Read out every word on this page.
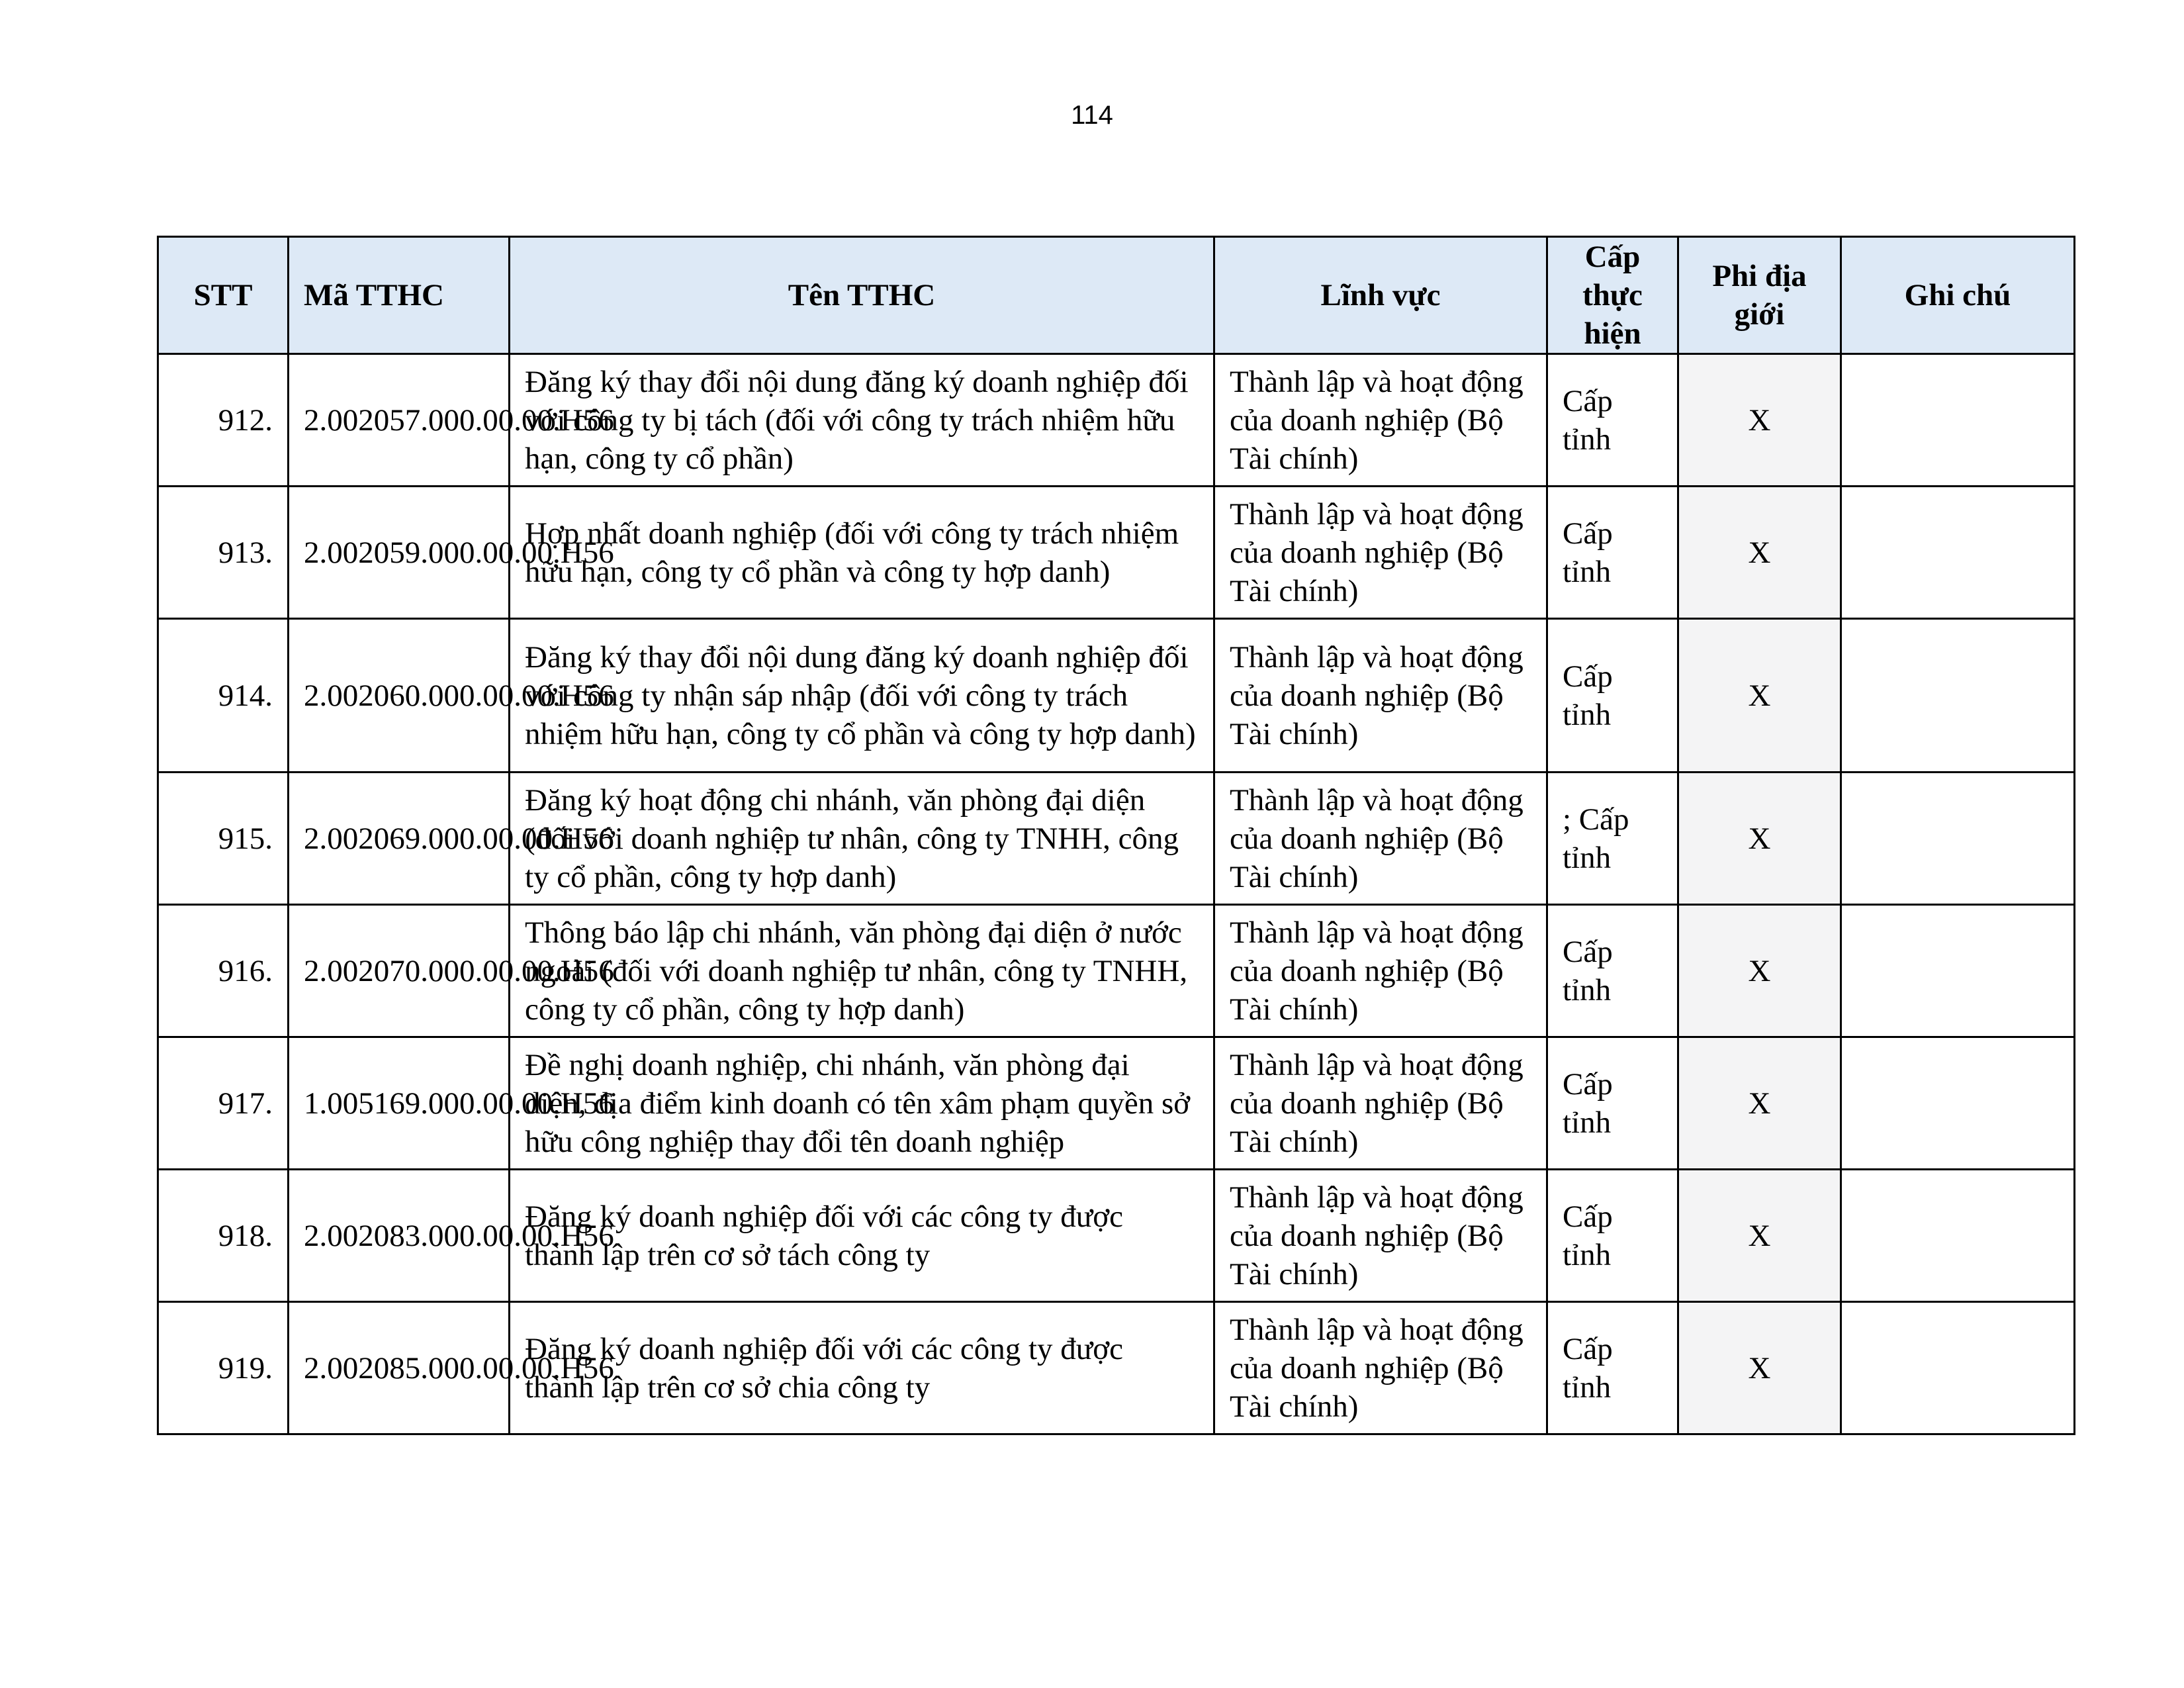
114
STT	Mã TTHC	Tên TTHC	Lĩnh vực	Cấp thực hiện	Phi địa giới	Ghi chú
912.	2.002057.000.00.00.H56	Đăng ký thay đổi nội dung đăng ký doanh nghiệp đối với công ty bị tách (đối với công ty trách nhiệm hữu hạn, công ty cổ phần)	Thành lập và hoạt động của doanh nghiệp (Bộ Tài chính)	Cấp tỉnh	X	
913.	2.002059.000.00.00.H56	Hợp nhất doanh nghiệp (đối với công ty trách nhiệm hữu hạn, công ty cổ phần và công ty hợp danh)	Thành lập và hoạt động của doanh nghiệp (Bộ Tài chính)	Cấp tỉnh	X	
914.	2.002060.000.00.00.H56	Đăng ký thay đổi nội dung đăng ký doanh nghiệp đối với công ty nhận sáp nhập (đối với công ty trách nhiệm hữu hạn, công ty cổ phần và công ty hợp danh)	Thành lập và hoạt động của doanh nghiệp (Bộ Tài chính)	Cấp tỉnh	X	
915.	2.002069.000.00.00.H56	Đăng ký hoạt động chi nhánh, văn phòng đại diện (đối với doanh nghiệp tư nhân, công ty TNHH, công ty cổ phần, công ty hợp danh)	Thành lập và hoạt động của doanh nghiệp (Bộ Tài chính)	; Cấp tỉnh	X	
916.	2.002070.000.00.00.H56	Thông báo lập chi nhánh, văn phòng đại diện ở nước ngoài (đối với doanh nghiệp tư nhân, công ty TNHH, công ty cổ phần, công ty hợp danh)	Thành lập và hoạt động của doanh nghiệp (Bộ Tài chính)	Cấp tỉnh	X	
917.	1.005169.000.00.00.H56	Đề nghị doanh nghiệp, chi nhánh, văn phòng đại diện, địa điểm kinh doanh có tên xâm phạm quyền sở hữu công nghiệp thay đổi tên doanh nghiệp	Thành lập và hoạt động của doanh nghiệp (Bộ Tài chính)	Cấp tỉnh	X	
918.	2.002083.000.00.00.H56	Đăng ký doanh nghiệp đối với các công ty được thành lập trên cơ sở tách công ty	Thành lập và hoạt động của doanh nghiệp (Bộ Tài chính)	Cấp tỉnh	X	
919.	2.002085.000.00.00.H56	Đăng ký doanh nghiệp đối với các công ty được thành lập trên cơ sở chia công ty	Thành lập và hoạt động của doanh nghiệp (Bộ Tài chính)	Cấp tỉnh	X	
